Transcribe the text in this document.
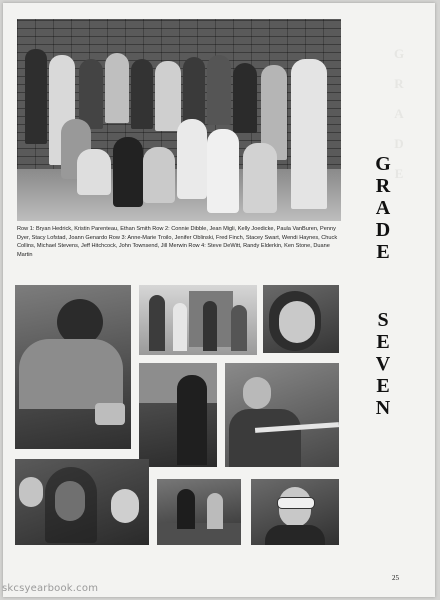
Row 1: Bryan Hedrick, Kristin Parenteau, Ethan Smith Row 2: Connie Dibble, Jean Migli, Kelly Joedicke, Paula VanBuren, Penny Dyer, Stacy Lofstad, Joann Genardo Row 3: Anne-Marie Troilo, Jenifer Oblinski, Fred Finch, Stacey Swart, Wendi Haynes, Chuck Collins, Michael Stevens, Jeff Hitchcock, John Townsend, Jill Merwin Row 4: Steve DeWitt, Randy Elderkin, Ken Stone, Duane Martin
G
R
A
D
E
G
R
A
D
E
S
E
V
E
N
25
skcsyearbook.com
